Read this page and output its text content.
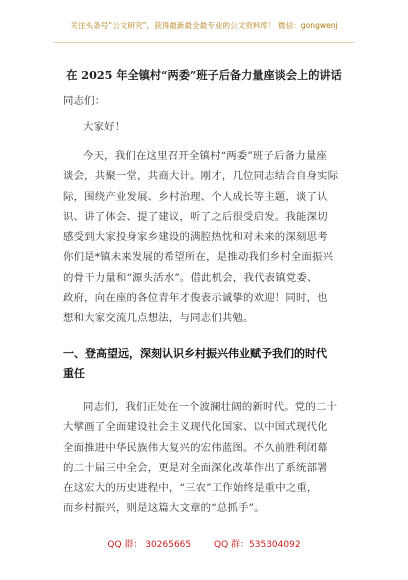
关注头条号“公文研究”，获得最新最全最专业的公文资料库！ 微信：gongwenj
在 2025 年全镇村“两委”班子后备力量座谈会上的讲话
同志们：
大家好！
今天，我们在这里召开全镇村“两委”班子后备力量座
谈会，共聚一堂，共商大计。刚才，几位同志结合自身实际
际，围绕产业发展、乡村治理、个人成长等主题，谈了认
识、讲了体会、提了建议，听了之后很受启发。我能深切
感受到大家投身家乡建设的满腔热忱和对未来的深刻思考
你们是*镇未来发展的希望所在，是推动我们乡村全面振兴
的骨干力量和“源头活水”。借此机会，我代表镇党委、
政府，向在座的各位青年才俊表示诚挚的欢迎！同时，也
想和大家交流几点想法，与同志们共勉。
一、登高望远，深刻认识乡村振兴伟业赋予我们的时代
重任
同志们，我们正处在一个波澜壮阔的新时代。党的二十
大擘画了全面建设社会主义现代化国家、以中国式现代化
全面推进中华民族伟大复兴的宏伟蓝图。不久前胜利闭幕
的二十届三中全会，更是对全面深化改革作出了系统部署
在这宏大的历史进程中，“三农”工作始终是重中之重，
而乡村振兴，则是这篇大文章的“总抓手”。
QQ 群： 30265665	QQ 群：535304092
